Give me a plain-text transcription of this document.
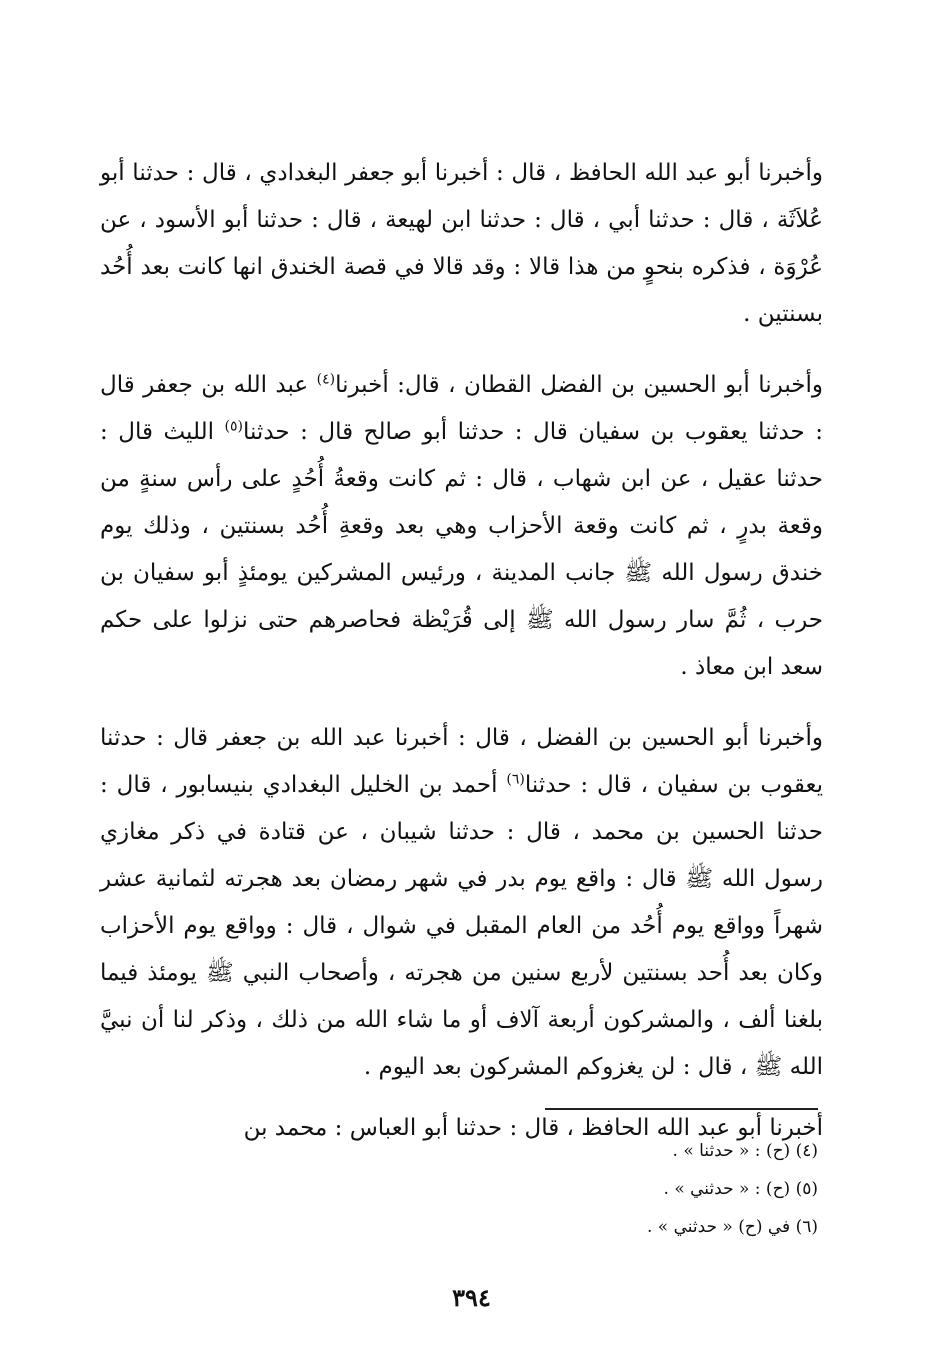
وأخبرنا أبو عبد الله الحافظ ، قال : أخبرنا أبو جعفر البغدادي ، قال : حدثنا أبو عُلاَثَة ، قال : حدثنا أبي ، قال : حدثنا ابن لهيعة ، قال : حدثنا أبو الأسود ، عن عُرْوَة ، فذكره بنحوٍ من هذا قالا : وقد قالا في قصة الخندق انها كانت بعد أُحُد بسنتين .

وأخبرنا أبو الحسين بن الفضل القطان ، قال: أخبرنا$^{(٤)}$ عبد الله بن جعفر قال : حدثنا يعقوب بن سفيان قال : حدثنا أبو صالح قال : حدثنا$^{(٥)}$ الليث قال : حدثنا عقيل ، عن ابن شهاب ، قال : ثم كانت وقعةُ أُحُدٍ على رأس سنةٍ من وقعة بدرٍ ، ثم كانت وقعة الأحزاب وهي بعد وقعةِ أُحُد بسنتين ، وذلك يوم خندق رسول الله ﷺ جانب المدينة ، ورئيس المشركين يومئذٍ أبو سفيان بن حرب ، ثُمَّ سار رسول الله ﷺ إلى قُرَيْظة فحاصرهم حتى نزلوا على حكم سعد ابن معاذ .

وأخبرنا أبو الحسين بن الفضل ، قال : أخبرنا عبد الله بن جعفر قال : حدثنا يعقوب بن سفيان ، قال : حدثنا$^{(٦)}$ أحمد بن الخليل البغدادي بنيسابور ، قال : حدثنا الحسين بن محمد ، قال : حدثنا شيبان ، عن قتادة في ذكر مغازي رسول الله ﷺ قال : واقع يوم بدر في شهر رمضان بعد هجرته لثمانية عشر شهراً وواقع يوم أُحُد من العام المقبل في شوال ، قال : وواقع يوم الأحزاب وكان بعد أُحد بسنتين لأربع سنين من هجرته ، وأصحاب النبي ﷺ يومئذ فيما بلغنا ألف ، والمشركون أربعة آلاف أو ما شاء الله من ذلك ، وذكر لنا أن نبيَّ الله ﷺ ، قال : لن يغزوكم المشركون بعد اليوم .

أخبرنا أبو عبد الله الحافظ ، قال : حدثنا أبو العباس : محمد بن

(٤) (ح) : « حدثنا » .

(٥) (ح) : « حدثني » .

(٦) في (ح) « حدثني » .

٣٩٤
